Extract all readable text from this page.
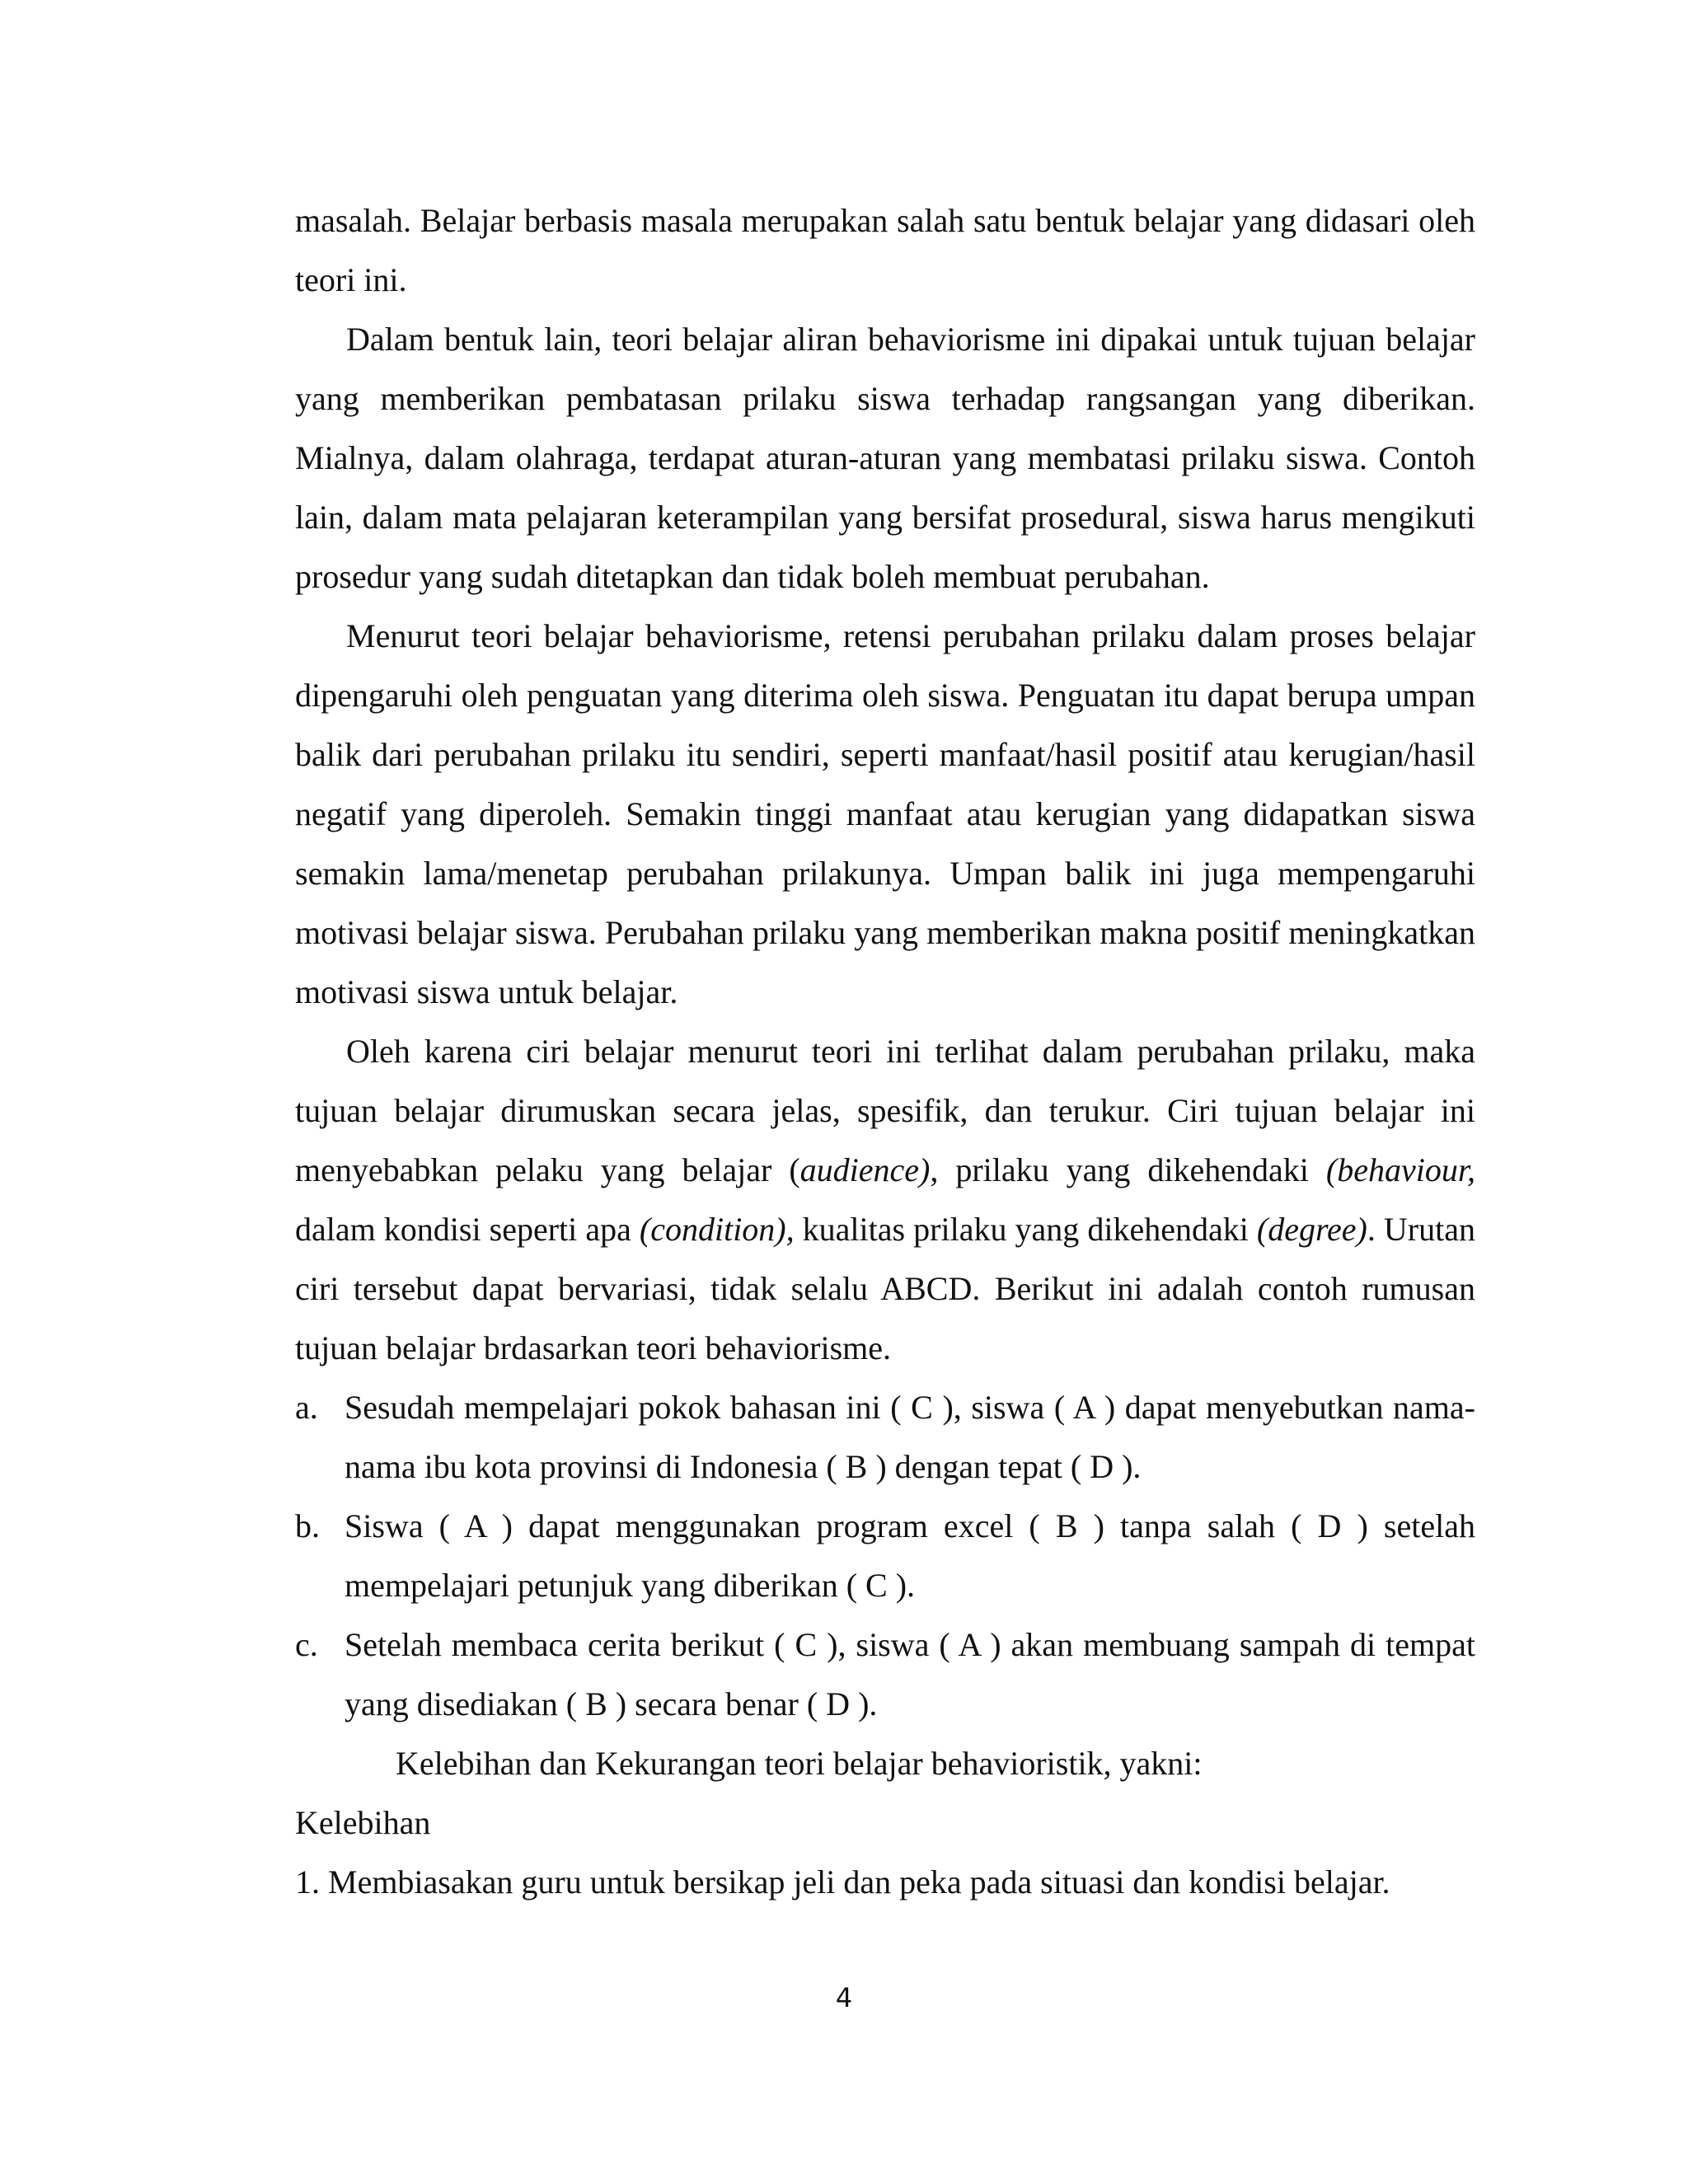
masalah. Belajar berbasis masala merupakan salah satu bentuk belajar yang didasari oleh teori ini.

Dalam bentuk lain, teori belajar aliran behaviorisme ini dipakai untuk tujuan belajar yang memberikan pembatasan prilaku siswa terhadap rangsangan yang diberikan. Mialnya, dalam olahraga, terdapat aturan-aturan yang membatasi prilaku siswa. Contoh lain, dalam mata pelajaran keterampilan yang bersifat prosedural, siswa harus mengikuti prosedur yang sudah ditetapkan dan tidak boleh membuat perubahan.

Menurut teori belajar behaviorisme, retensi perubahan prilaku dalam proses belajar dipengaruhi oleh penguatan yang diterima oleh siswa. Penguatan itu dapat berupa umpan balik dari perubahan prilaku itu sendiri, seperti manfaat/hasil positif atau kerugian/hasil negatif yang diperoleh. Semakin tinggi manfaat atau kerugian yang didapatkan siswa semakin lama/menetap perubahan prilakunya. Umpan balik ini juga mempengaruhi motivasi belajar siswa. Perubahan prilaku yang memberikan makna positif meningkatkan motivasi siswa untuk belajar.

Oleh karena ciri belajar menurut teori ini terlihat dalam perubahan prilaku, maka tujuan belajar dirumuskan secara jelas, spesifik, dan terukur. Ciri tujuan belajar ini menyebabkan pelaku yang belajar (audience), prilaku yang dikehendaki (behaviour, dalam kondisi seperti apa (condition), kualitas prilaku yang dikehendaki (degree). Urutan ciri tersebut dapat bervariasi, tidak selalu ABCD. Berikut ini adalah contoh rumusan tujuan belajar brdasarkan teori behaviorisme.

a. Sesudah mempelajari pokok bahasan ini ( C ), siswa ( A ) dapat menyebutkan nama-nama ibu kota provinsi di Indonesia ( B ) dengan tepat ( D ).
b. Siswa ( A ) dapat menggunakan program excel ( B ) tanpa salah ( D ) setelah mempelajari petunjuk yang diberikan ( C ).
c. Setelah membaca cerita berikut ( C ), siswa ( A ) akan membuang sampah di tempat yang disediakan ( B ) secara benar ( D ).

Kelebihan dan Kekurangan teori belajar behavioristik, yakni:

Kelebihan

1. Membiasakan guru untuk bersikap jeli dan peka pada situasi dan kondisi belajar.

4
